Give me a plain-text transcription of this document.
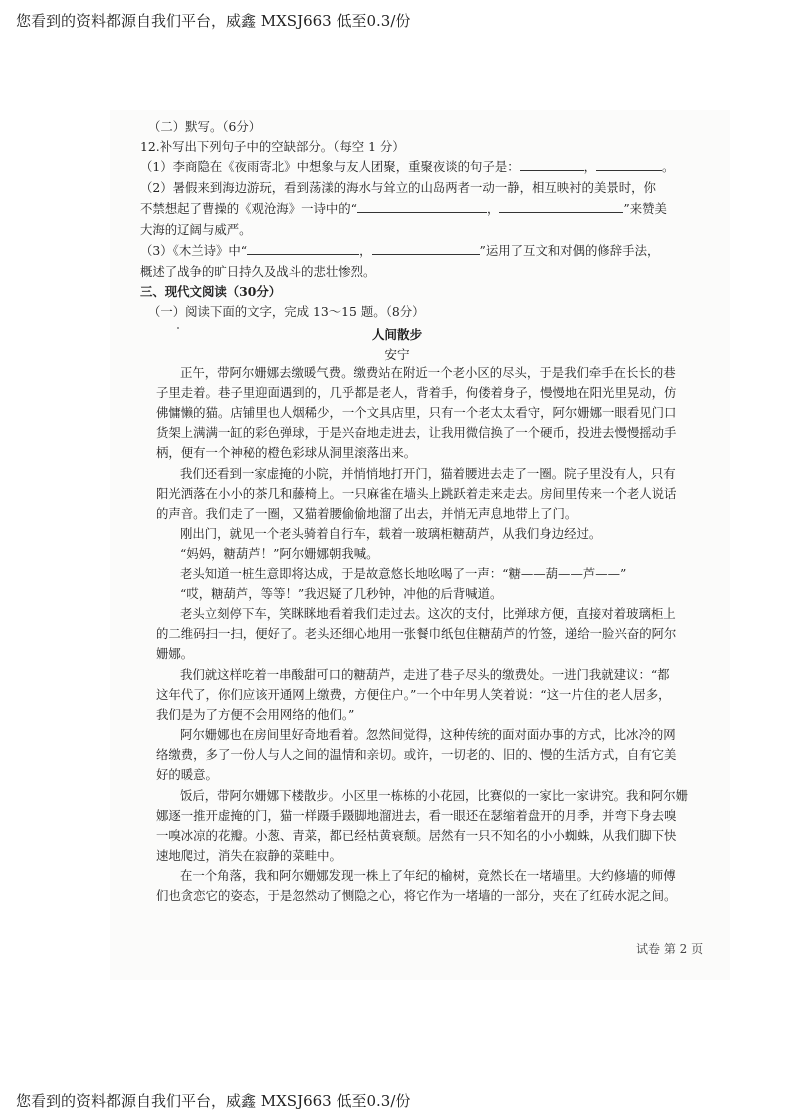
您看到的资料都源自我们平台，威鑫 MXSJ663 低至0.3/份
（二）默写。（6分）
12.补写出下列句子中的空缺部分。（每空 1 分）
（1）李商隐在《夜雨寄北》中想象与友人团聚，重聚夜谈的句子是：	，	。
（2）暑假来到海边游玩，看到荡漾的海水与耸立的山岛两者一动一静，相互映衬的美景时，你
不禁想起了曹操的《观沧海》一诗中的“	，	”来赞美
大海的辽阔与威严。
（3）《木兰诗》中“	，	”运用了互文和对偶的修辞手法，
概述了战争的旷日持久及战斗的悲壮惨烈。
三、现代文阅读（30分）
（一）阅读下面的文字，完成 13～15 题。（8分）
人间散步
安宁
正午，带阿尔姗娜去缴暖气费。缴费站在附近一个老小区的尽头，于是我们牵手在长长的巷
子里走着。巷子里迎面遇到的，几乎都是老人，背着手，佝偻着身子，慢慢地在阳光里晃动，仿
佛慵懒的猫。店铺里也人烟稀少，一个文具店里，只有一个老太太看守，阿尔姗娜一眼看见门口
货架上满满一缸的彩色弹球，于是兴奋地走进去，让我用微信换了一个硬币，投进去慢慢摇动手
柄，便有一个神秘的橙色彩球从洞里滚落出来。
我们还看到一家虚掩的小院，并悄悄地打开门，猫着腰进去走了一圈。院子里没有人，只有
阳光洒落在小小的茶几和藤椅上。一只麻雀在墙头上跳跃着走来走去。房间里传来一个老人说话
的声音。我们走了一圈，又猫着腰偷偷地溜了出去，并悄无声息地带上了门。
刚出门，就见一个老头骑着自行车，载着一玻璃柜糖葫芦，从我们身边经过。
“妈妈，糖葫芦！”阿尔姗娜朝我喊。
老头知道一桩生意即将达成，于是故意悠长地吆喝了一声：“糖——葫——芦——”
“哎，糖葫芦，等等！”我迟疑了几秒钟，冲他的后背喊道。
老头立刻停下车，笑眯眯地看着我们走过去。这次的支付，比弹球方便，直接对着玻璃柜上
的二维码扫一扫，便好了。老头还细心地用一张餐巾纸包住糖葫芦的竹签，递给一脸兴奋的阿尔
姗娜。
我们就这样吃着一串酸甜可口的糖葫芦，走进了巷子尽头的缴费处。一进门我就建议：“都
这年代了，你们应该开通网上缴费，方便住户。”一个中年男人笑着说：“这一片住的老人居多，
我们是为了方便不会用网络的他们。”
阿尔姗娜也在房间里好奇地看着。忽然间觉得，这种传统的面对面办事的方式，比冰冷的网
络缴费，多了一份人与人之间的温情和亲切。或许，一切老的、旧的、慢的生活方式，自有它美
好的暖意。
饭后，带阿尔姗娜下楼散步。小区里一栋栋的小花园，比赛似的一家比一家讲究。我和阿尔姗
娜逐一推开虚掩的门，猫一样蹑手蹑脚地溜进去，看一眼还在瑟缩着盘开的月季，并弯下身去嗅
一嗅冰凉的花瓣。小葱、青菜，都已经枯黄衰颓。居然有一只不知名的小小蜘蛛，从我们脚下快
速地爬过，消失在寂静的菜畦中。
在一个角落，我和阿尔姗娜发现一株上了年纪的榆树，竟然长在一堵墙里。大约修墙的师傅
们也贪恋它的姿态，于是忽然动了恻隐之心，将它作为一堵墙的一部分，夹在了红砖水泥之间。
试卷 第 2 页
您看到的资料都源自我们平台，威鑫 MXSJ663 低至0.3/份
